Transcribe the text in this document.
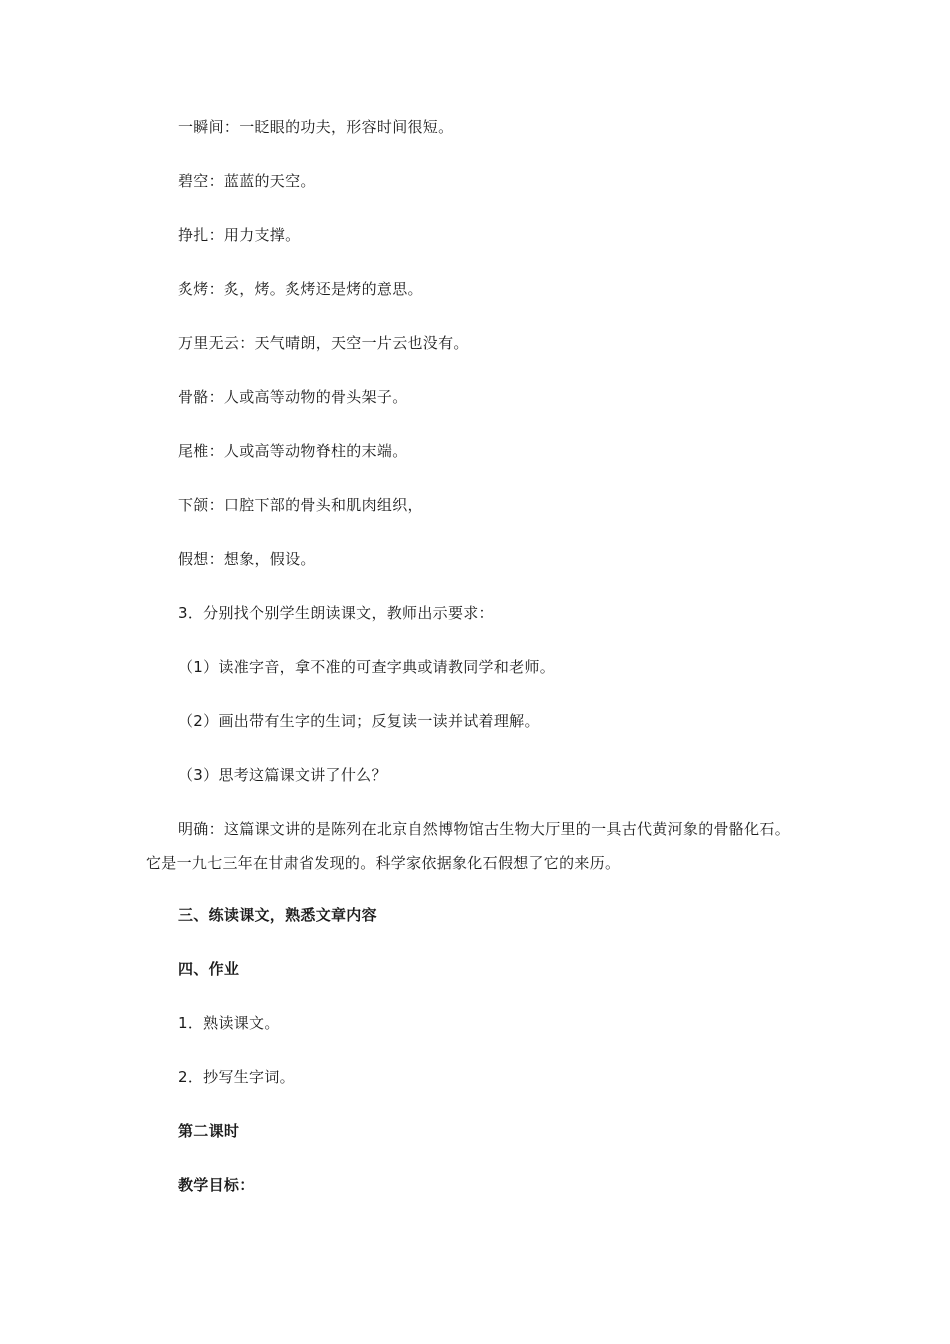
一瞬间：一眨眼的功夫，形容时间很短。
碧空：蓝蓝的天空。
挣扎：用力支撑。
炙烤：炙，烤。炙烤还是烤的意思。
万里无云：天气晴朗，天空一片云也没有。
骨骼：人或高等动物的骨头架子。
尾椎：人或高等动物脊柱的末端。
下颌：口腔下部的骨头和肌肉组织，
假想：想象，假设。
3．分别找个别学生朗读课文，教师出示要求：
（1）读准字音，拿不准的可查字典或请教同学和老师。
（2）画出带有生字的生词；反复读一读并试着理解。
（3）思考这篇课文讲了什么？
明确：这篇课文讲的是陈列在北京自然博物馆古生物大厅里的一具古代黄河象的骨骼化石。它是一九七三年在甘肃省发现的。科学家依据象化石假想了它的来历。
三、练读课文，熟悉文章内容
四、作业
1．熟读课文。
2．抄写生字词。
第二课时
教学目标：
